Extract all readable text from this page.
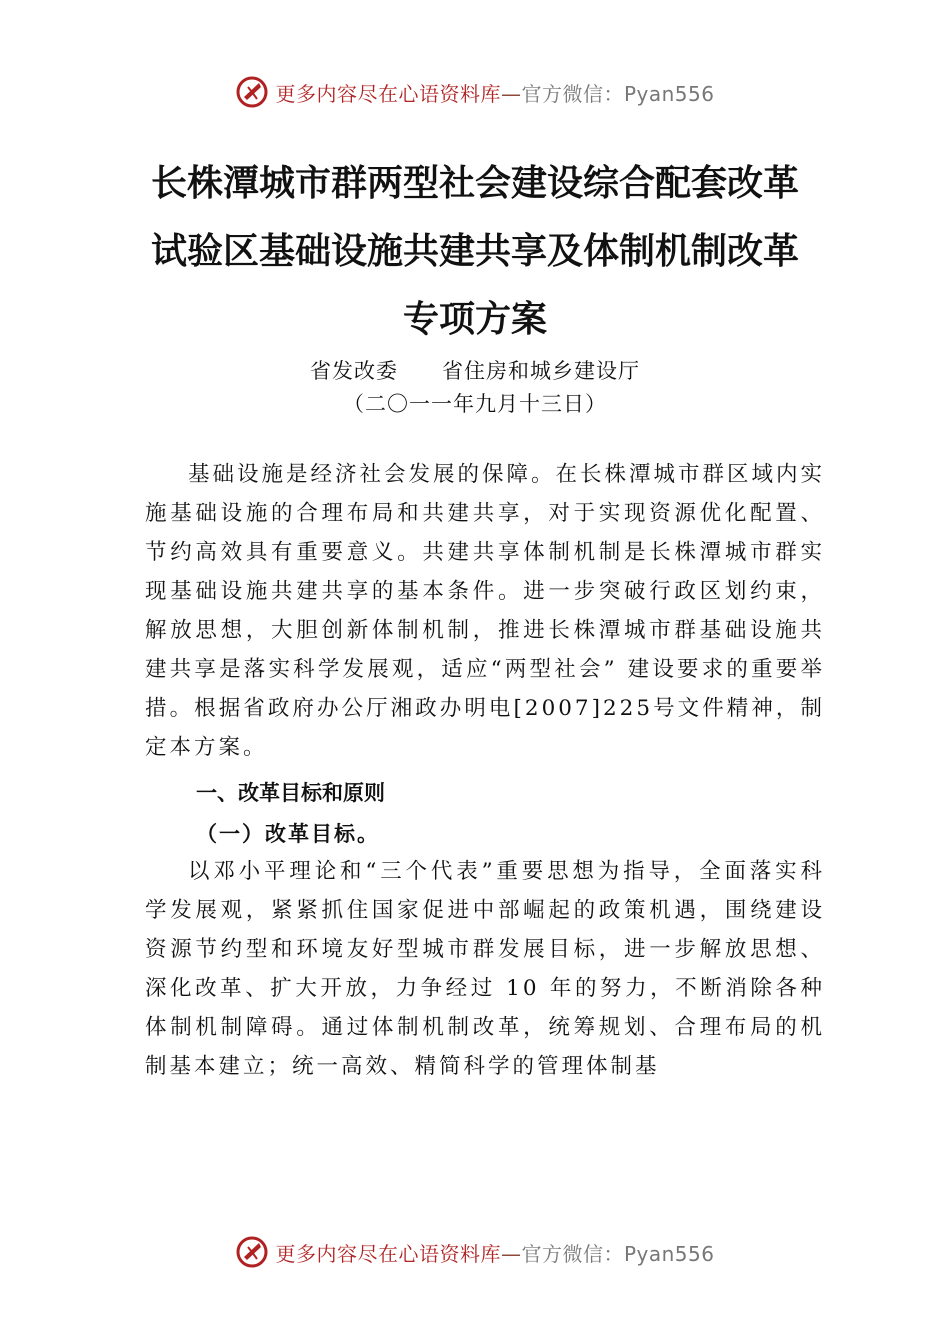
更多内容尽在心语资料库—官方微信：Pyan556
长株潭城市群两型社会建设综合配套改革
试验区基础设施共建共享及体制机制改革
专项方案
省发改委　　省住房和城乡建设厅
（二〇一一年九月十三日）

基础设施是经济社会发展的保障。在长株潭城市群区域内实施基础设施的合理布局和共建共享，对于实现资源优化配置、节约高效具有重要意义。共建共享体制机制是长株潭城市群实现基础设施共建共享的基本条件。进一步突破行政区划约束，解放思想，大胆创新体制机制，推进长株潭城市群基础设施共建共享是落实科学发展观，适应“两型社会” 建设要求的重要举措。根据省政府办公厅湘政办明电[2007]225号文件精神，制定本方案。

一、改革目标和原则
（一）改革目标。

以邓小平理论和“三个代表”重要思想为指导，全面落实科学发展观，紧紧抓住国家促进中部崛起的政策机遇，围绕建设资源节约型和环境友好型城市群发展目标，进一步解放思想、深化改革、扩大开放，力争经过 10 年的努力，不断消除各种体制机制障碍。通过体制机制改革，统筹规划、合理布局的机制基本建立；统一高效、精简科学的管理体制基

更多内容尽在心语资料库—官方微信：Pyan556
